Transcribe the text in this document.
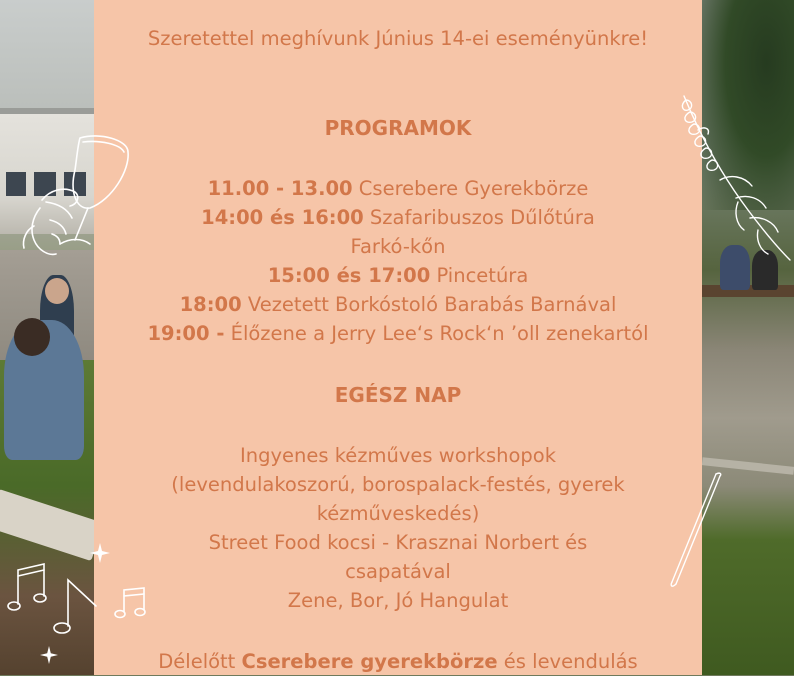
Szeretettel meghívunk Június 14-ei eseményünkre!
PROGRAMOK
11.00 - 13.00 Cserebere Gyerekbörze
14:00 és 16:00 Szafaribuszos Dűlőtúra
Farkó-kőn
15:00 és 17:00 Pincetúra
18:00 Vezetett Borkóstoló Barabás Barnával
19:00 - Élőzene a Jerry Lee‘s Rock‘n ’oll zenekartól
EGÉSZ NAP
Ingyenes kézműves workshopok
(levendulakoszorú, borospalack-festés, gyerek
kézműveskedés)
Street Food kocsi - Krasznai Norbert és
csapatával
Zene, Bor, Jó Hangulat
Délelőtt Cserebere gyerekbörze és levendulás
